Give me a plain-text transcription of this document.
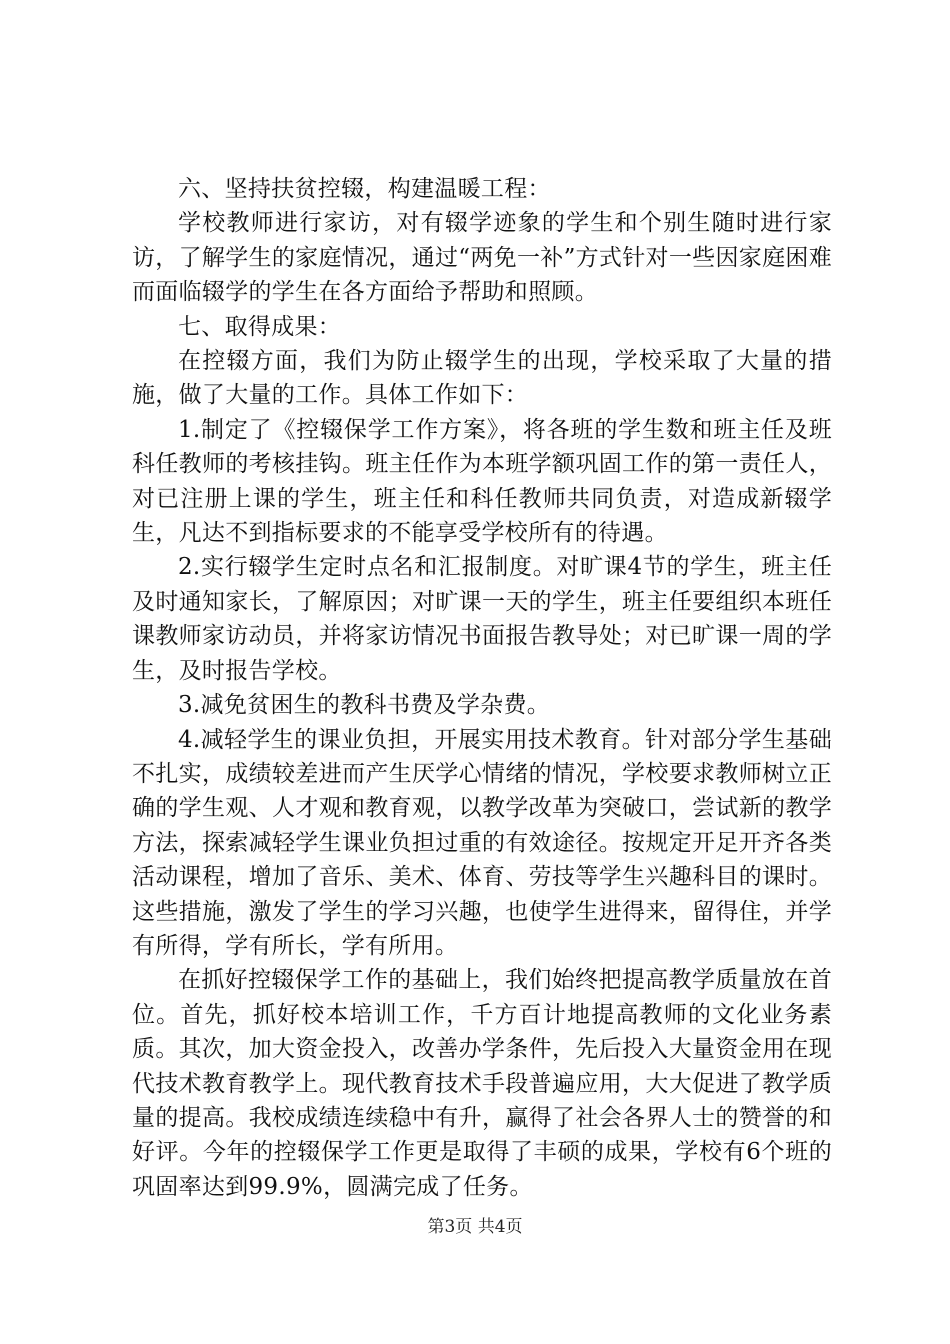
六、坚持扶贫控辍，构建温暖工程：

学校教师进行家访，对有辍学迹象的学生和个别生随时进行家访，了解学生的家庭情况，通过“两免一补”方式针对一些因家庭困难而面临辍学的学生在各方面给予帮助和照顾。

七、取得成果：

在控辍方面，我们为防止辍学生的出现，学校采取了大量的措施，做了大量的工作。具体工作如下：

1.制定了《控辍保学工作方案》，将各班的学生数和班主任及班科任教师的考核挂钩。班主任作为本班学额巩固工作的第一责任人，对已注册上课的学生，班主任和科任教师共同负责，对造成新辍学生，凡达不到指标要求的不能享受学校所有的待遇。

2.实行辍学生定时点名和汇报制度。对旷课4节的学生，班主任及时通知家长，了解原因；对旷课一天的学生，班主任要组织本班任课教师家访动员，并将家访情况书面报告教导处；对已旷课一周的学生，及时报告学校。

3.减免贫困生的教科书费及学杂费。

4.减轻学生的课业负担，开展实用技术教育。针对部分学生基础不扎实，成绩较差进而产生厌学心情绪的情况，学校要求教师树立正确的学生观、人才观和教育观，以教学改革为突破口，尝试新的教学方法，探索减轻学生课业负担过重的有效途径。按规定开足开齐各类活动课程，增加了音乐、美术、体育、劳技等学生兴趣科目的课时。这些措施，激发了学生的学习兴趣，也使学生进得来，留得住，并学有所得，学有所长，学有所用。

在抓好控辍保学工作的基础上，我们始终把提高教学质量放在首位。首先，抓好校本培训工作，千方百计地提高教师的文化业务素质。其次，加大资金投入，改善办学条件，先后投入大量资金用在现代技术教育教学上。现代教育技术手段普遍应用，大大促进了教学质量的提高。我校成绩连续稳中有升，赢得了社会各界人士的赞誉的和好评。今年的控辍保学工作更是取得了丰硕的成果，学校有6个班的巩固率达到99.9%，圆满完成了任务。

第3页 共4页
